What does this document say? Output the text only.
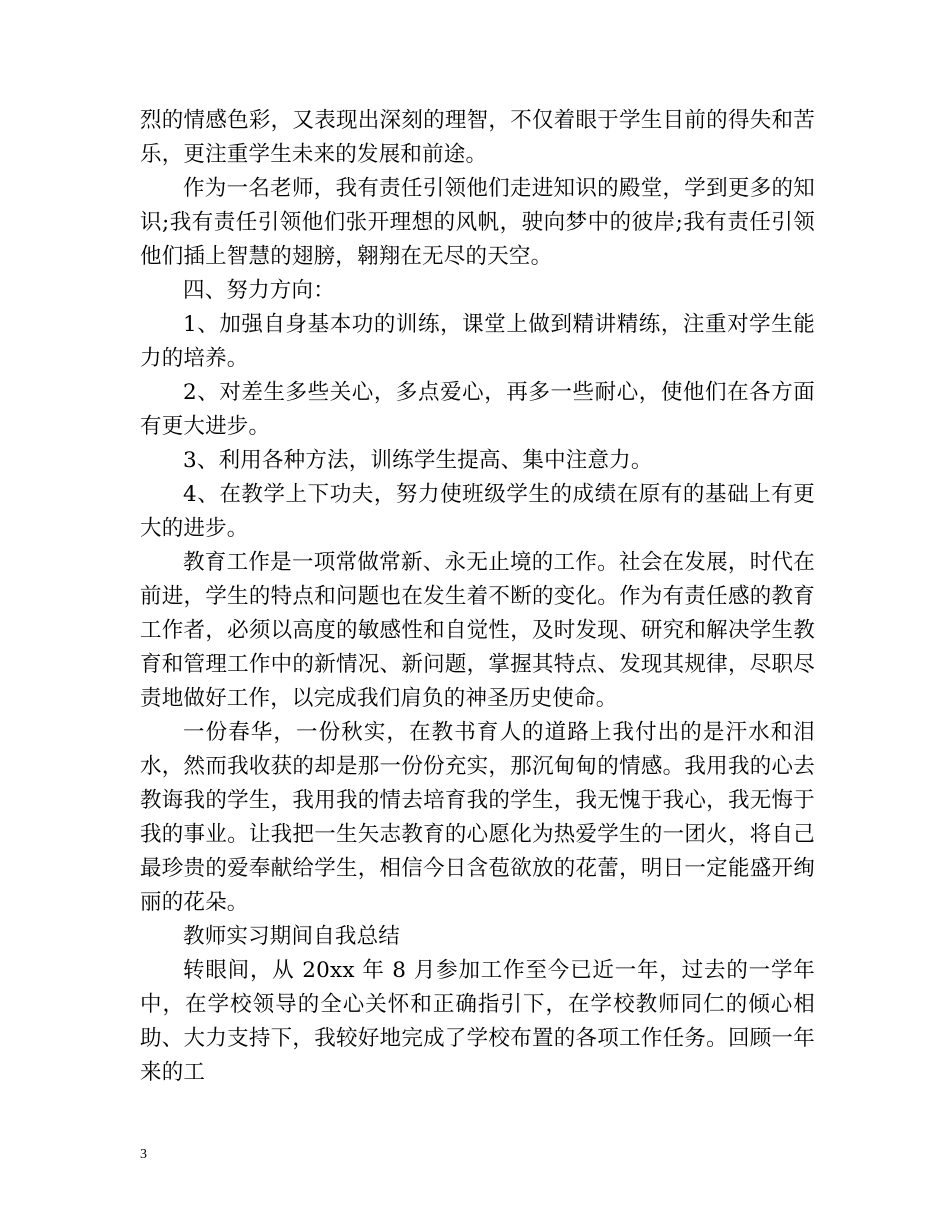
烈的情感色彩，又表现出深刻的理智，不仅着眼于学生目前的得失和苦乐，更注重学生未来的发展和前途。

作为一名老师，我有责任引领他们走进知识的殿堂，学到更多的知识;我有责任引领他们张开理想的风帆，驶向梦中的彼岸;我有责任引领他们插上智慧的翅膀，翱翔在无尽的天空。

四、努力方向：

1、加强自身基本功的训练，课堂上做到精讲精练，注重对学生能力的培养。

2、对差生多些关心，多点爱心，再多一些耐心，使他们在各方面有更大进步。

3、利用各种方法，训练学生提高、集中注意力。

4、在教学上下功夫，努力使班级学生的成绩在原有的基础上有更大的进步。

教育工作是一项常做常新、永无止境的工作。社会在发展，时代在前进，学生的特点和问题也在发生着不断的变化。作为有责任感的教育工作者，必须以高度的敏感性和自觉性，及时发现、研究和解决学生教育和管理工作中的新情况、新问题，掌握其特点、发现其规律，尽职尽责地做好工作，以完成我们肩负的神圣历史使命。

一份春华，一份秋实，在教书育人的道路上我付出的是汗水和泪水，然而我收获的却是那一份份充实，那沉甸甸的情感。我用我的心去教诲我的学生，我用我的情去培育我的学生，我无愧于我心，我无悔于我的事业。让我把一生矢志教育的心愿化为热爱学生的一团火，将自己最珍贵的爱奉献给学生，相信今日含苞欲放的花蕾，明日一定能盛开绚丽的花朵。

教师实习期间自我总结

转眼间，从 20xx 年 8 月参加工作至今已近一年，过去的一学年中，在学校领导的全心关怀和正确指引下，在学校教师同仁的倾心相助、大力支持下，我较好地完成了学校布置的各项工作任务。回顾一年来的工

3
